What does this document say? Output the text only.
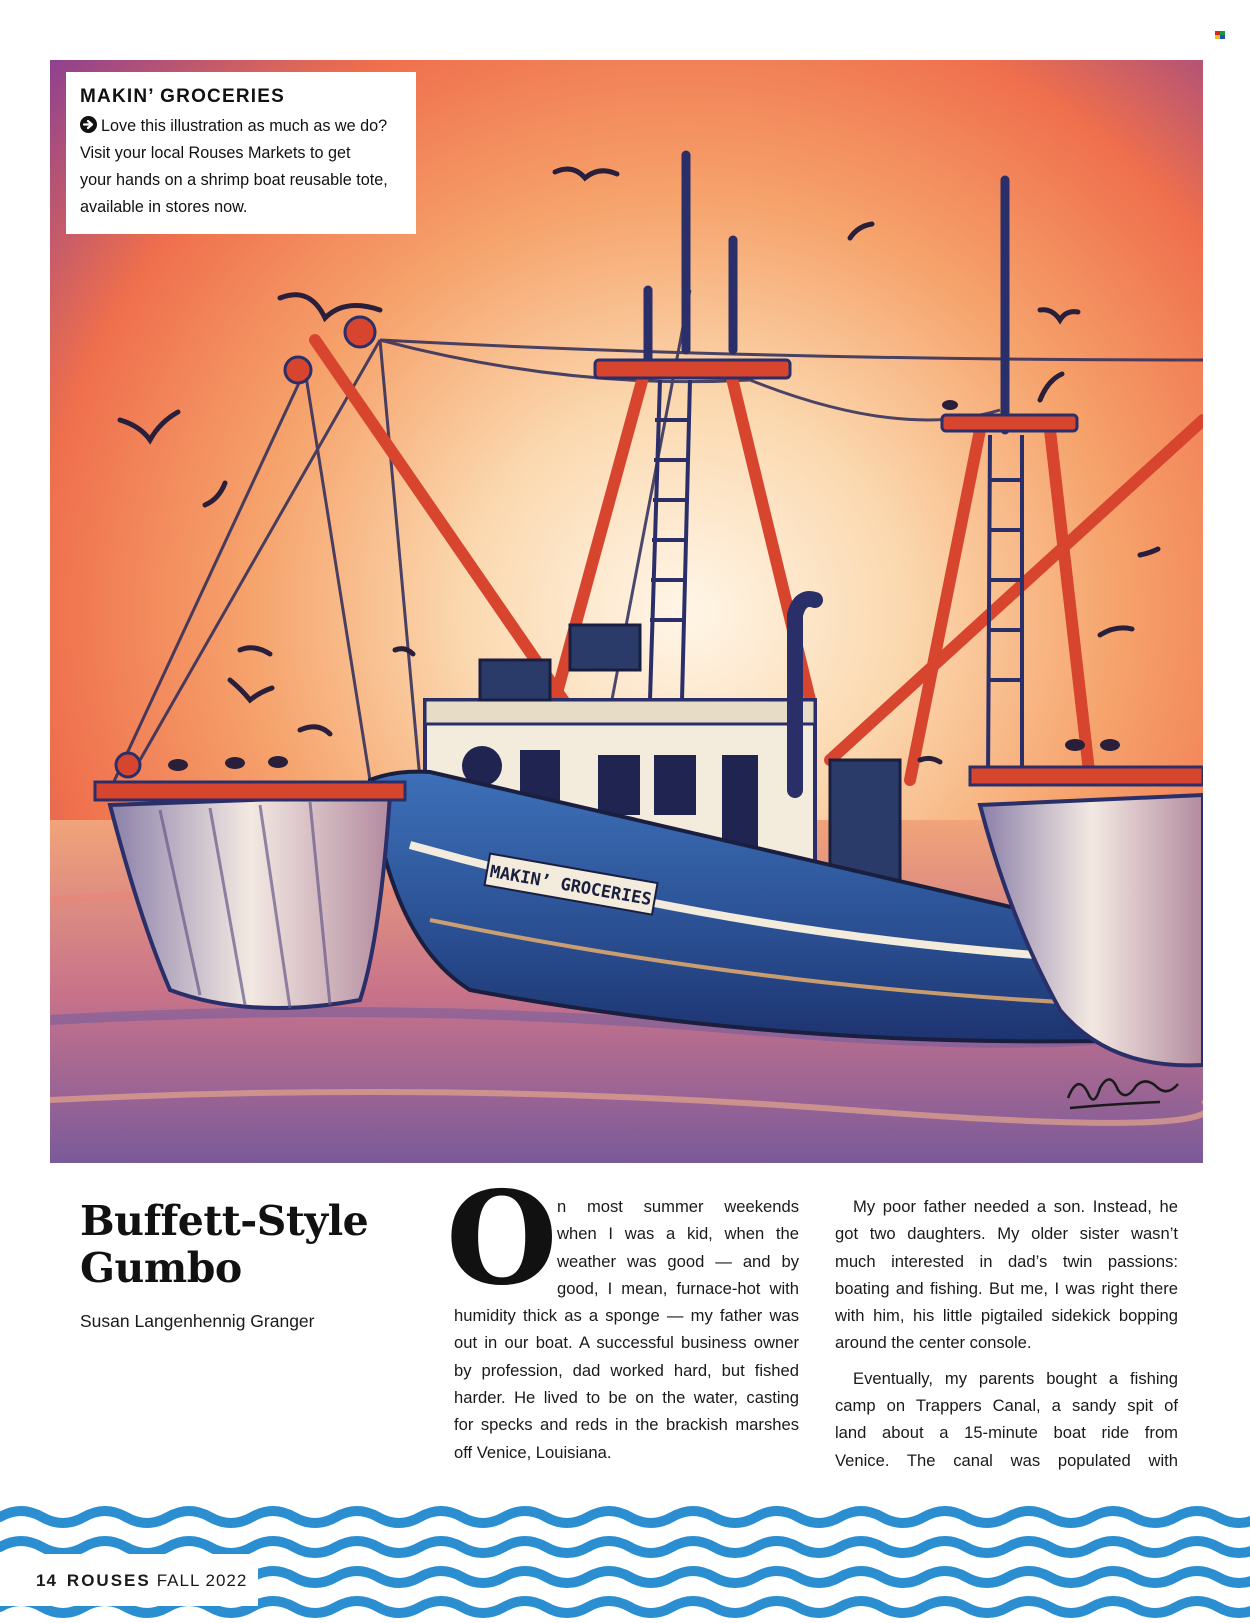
MAKIN’ GROCERIES
MAKIN’ GROCERIES
Love this illustration as much as we do?
Visit your local Rouses Markets to get
your hands on a shrimp boat reusable tote,
available in stores now.
Buffett-Style
Gumbo
Susan Langenhennig Granger
O n most summer weekends
when I was a kid, when the
weather was good — and by
good, I mean, furnace-hot with
humidity thick as a sponge — my father was
out in our boat. A successful business owner
by profession, dad worked hard, but fished
harder. He lived to be on the water, casting
for specks and reds in the brackish marshes
off Venice, Louisiana.

My poor father needed a son. Instead, he
got two daughters. My older sister wasn’t
much interested in dad’s twin passions:
boating and fishing. But me, I was right there
with him, his little pigtailed sidekick bopping
around the center console.

Eventually, my parents bought a fishing
camp on Trappers Canal, a sandy spit of
land about a 15-minute boat ride from
Venice. The canal was populated with

14 ROUSES FALL 2022
